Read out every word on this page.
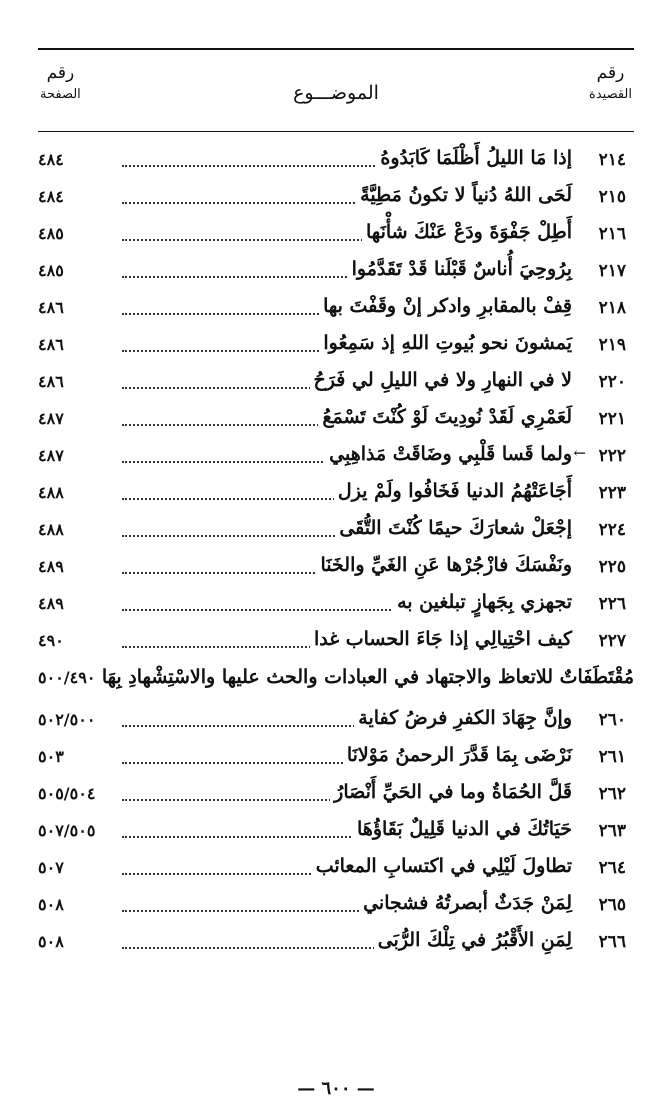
رقم
القصيدة
الموضـــوع
رقم
الصفحة
٢١٤
إذا مَا الليلُ أَظْلَمَا كَابَدُوهُ
٤٨٤
٢١٥
لَحَى اللهُ دُنياً لا تكونُ مَطِيَّةً
٤٨٤
٢١٦
أَطِلْ جَفْوَةَ ودَعْ عَنْكَ شأْنَها
٤٨٥
٢١٧
بِرُوحِيَ أُناسٌ قَبْلَنا قَدْ تَقَدَّمُوا
٤٨٥
٢١٨
قِفْ بالمقابرِ وادكر إنْ وقَفْتَ بها
٤٨٦
٢١٩
يَمشونَ نحو بُيوتِ اللهِ إذ سَمِعُوا
٤٨٦
٢٢٠
لا في النهارِ ولا في الليلِ لي فَرَحُ
٤٨٦
٢٢١
لَعَمْرِي لَقَدْ نُودِيتَ لَوْ كُنْتَ تَسْمَعُ
٤٨٧
٢٢٢
←
ولما قَسا قَلْبِي وضَاقَتْ مَذاهِبِي
٤٨٧
٢٢٣
أَجَاعَتْهُمُ الدنيا فَخَافُوا ولَمْ يزل
٤٨٨
٢٢٤
إجْعَلْ شعارَكَ حيمًا كُنْتَ التُّقَى
٤٨٨
٢٢٥
ونَفْسَكَ فازْجُرْها عَنِ الغَيِّ والخَنَا
٤٨٩
٢٢٦
تجهزي بِجَهازٍ تبلغين به
٤٨٩
٢٢٧
كيف احْتِيالِي إذا جَاءَ الحساب غدا
٤٩٠
مُقْتَطَفَاتٌ للاتعاظ والاجتهاد في العبادات والحث عليها والاسْتِشْهادِ بِهَا
٥٠٠/٤٩٠
٢٦٠
وإنَّ جِهَادَ الكفرِ فرضُ كفاية
٥٠٢/٥٠٠
٢٦١
نَرْضَى بِمَا قَدَّرَ الرحمنُ مَوْلانَا
٥٠٣
٢٦٢
قَلَّ الحُمَاةُ وما في الحَيِّ أَنْصَارُ
٥٠٥/٥٠٤
٢٦٣
حَيَاتُكَ في الدنيا قَلِيلٌ بَقَاؤُهَا
٥٠٧/٥٠٥
٢٦٤
تطاولَ لَيْلِي في اكتسابِ المعائب
٥٠٧
٢٦٥
لِمَنْ جَدَثٌ أبصرتُهُ فشجاني
٥٠٨
٢٦٦
لِمَنِ الأَقْبُرُ في تِلْكَ الرُّبَى
٥٠٨
— ٦٠٠ —
